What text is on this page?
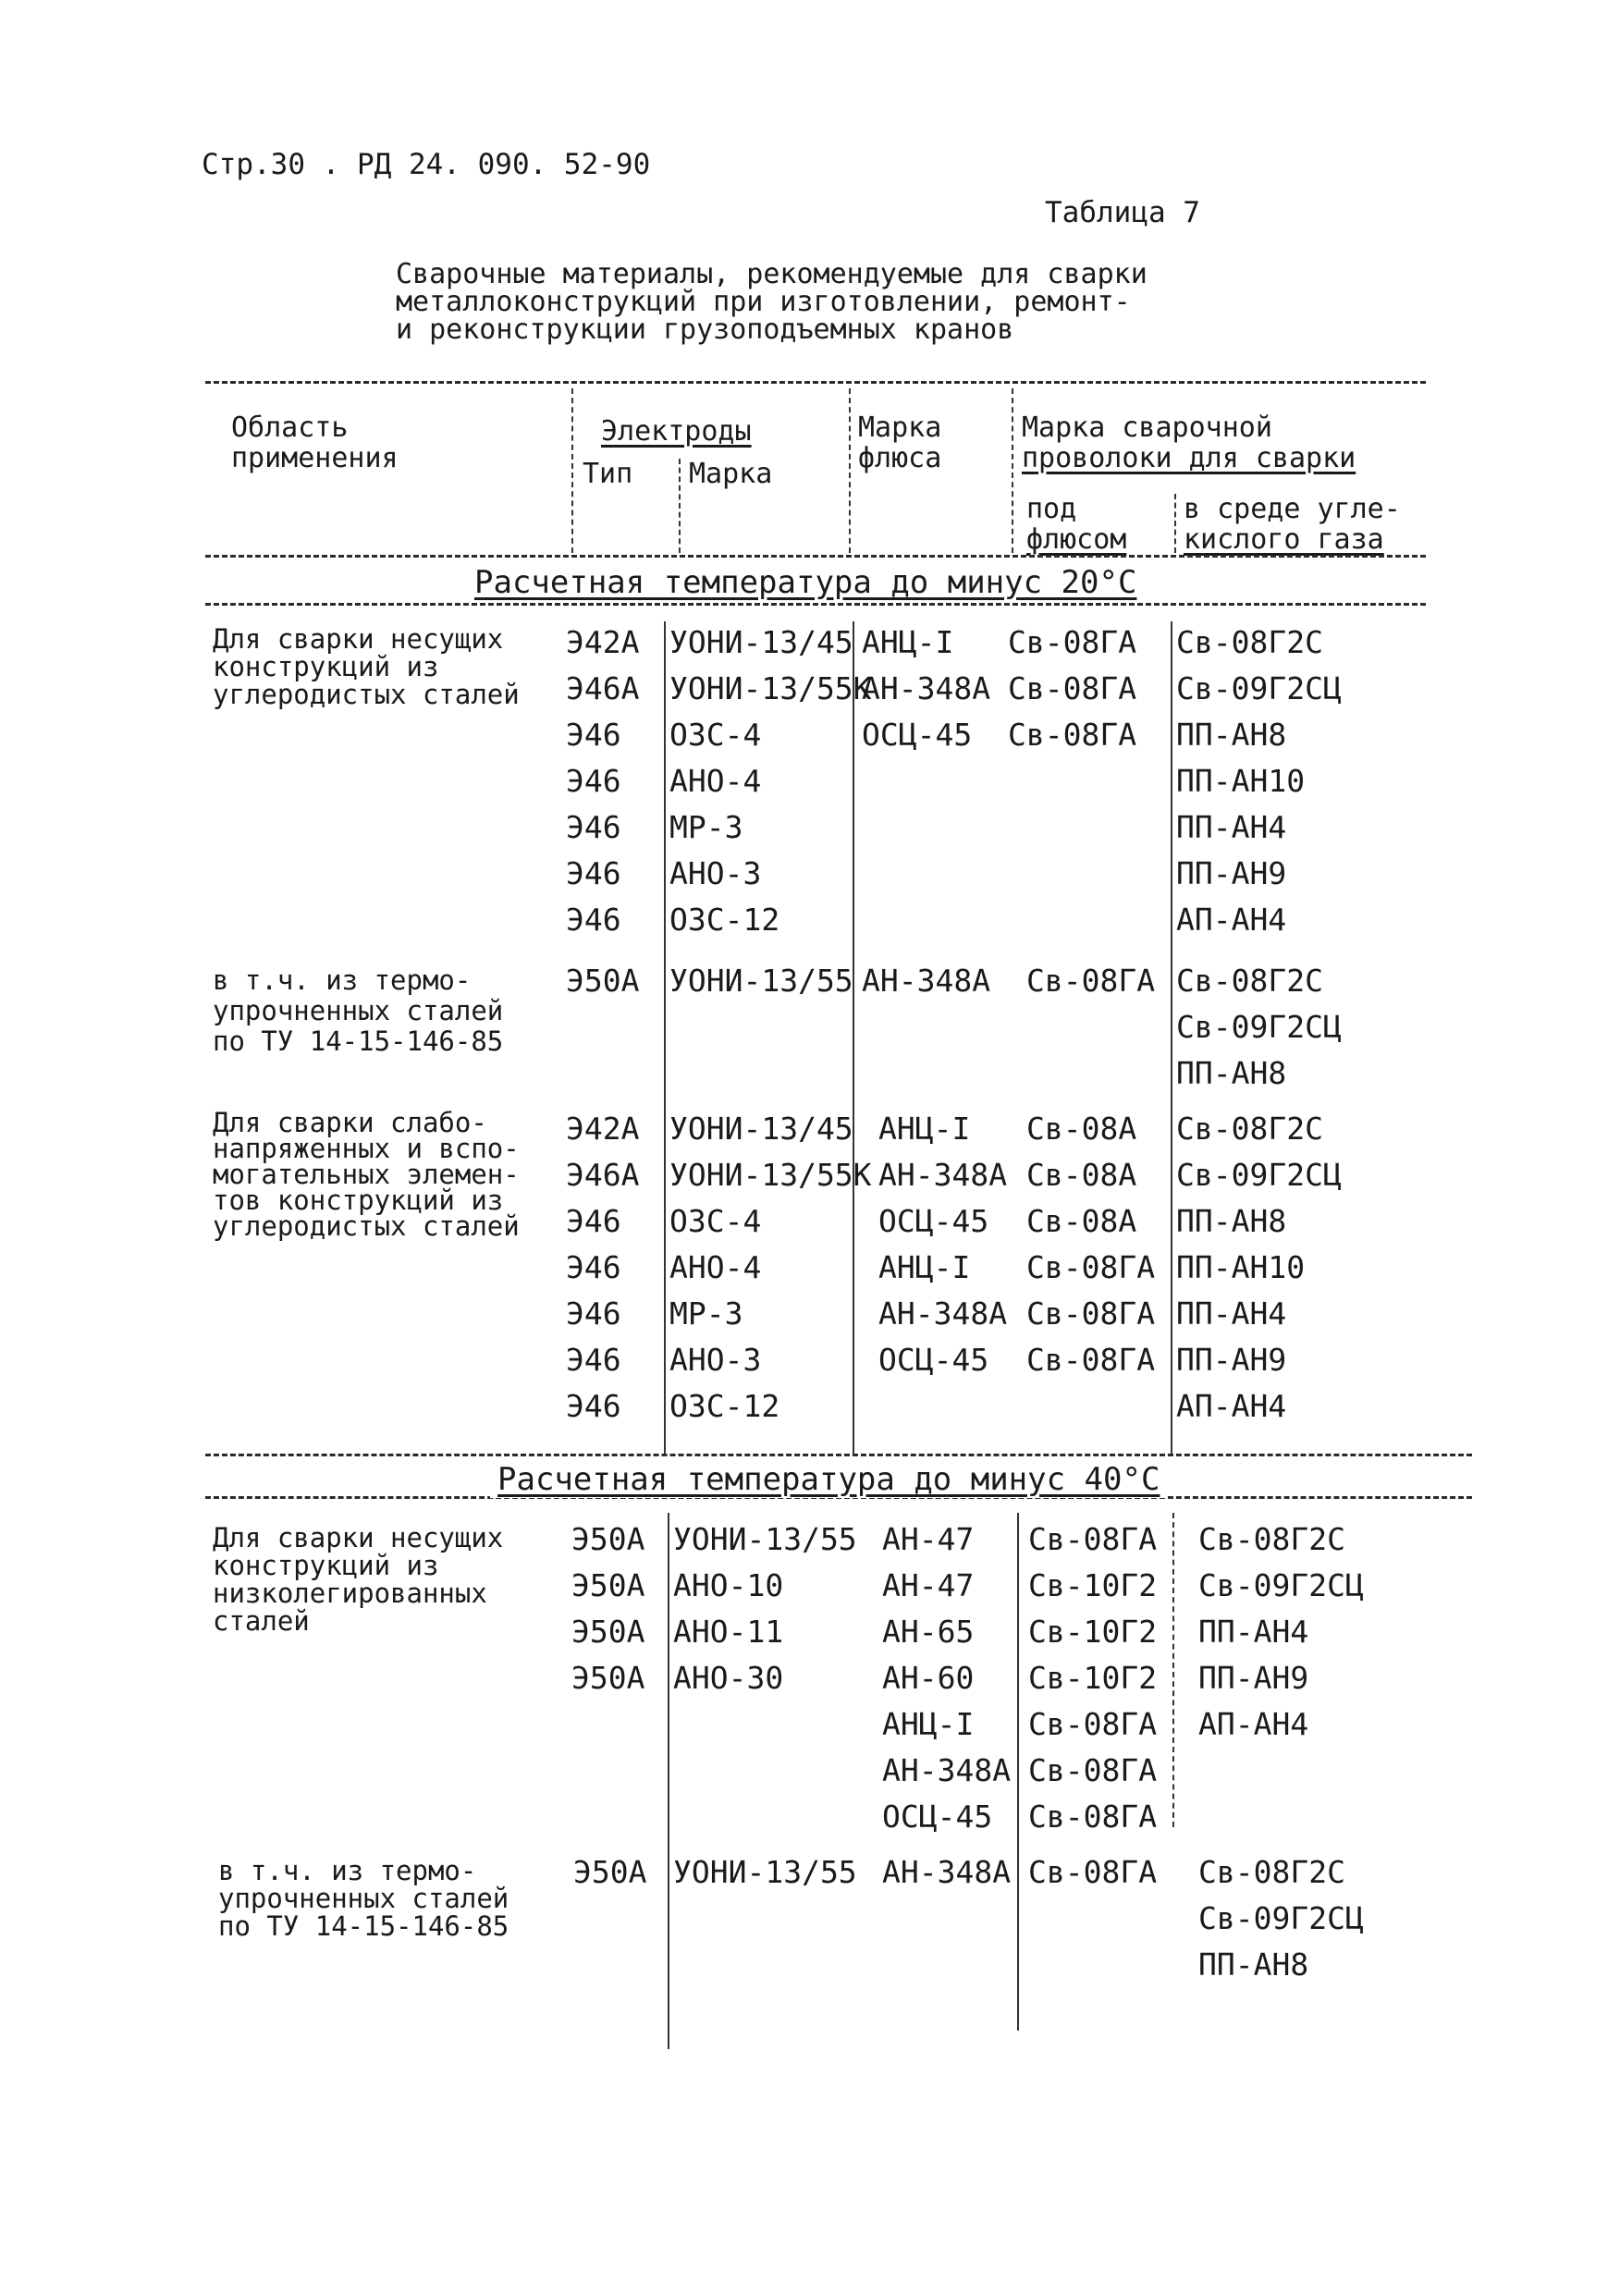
Стр.30 . РД 24. 090. 52-90
Таблица 7
Сварочные материалы, рекомендуемые для сварки
металлоконструкций при изготовлении, ремонт-
и реконструкции грузоподъемных кранов
Область
применения
Электроды
Тип Марка
Марка
флюса
Марка сварочной
проволоки для сварки
под
флюсом
в среде угле-
кислого газа
Расчетная температура до минус 20°С
Для сварки несущих
конструкций из
углеродистых сталей
Э42А
Э46А
Э46
Э46
Э46
Э46
Э46
УОНИ-13/45
УОНИ-13/55К
ОЗС-4
АНО-4
МР-3
АНО-3
ОЗС-12
АНЦ-I
АН-348А
ОСЦ-45
Св-08ГА
Св-08ГА
Св-08ГА
Св-08Г2С
Св-09Г2СЦ
ПП-АН8
ПП-АН10
ПП-АН4
ПП-АН9
АП-АН4
в т.ч. из термо-
упрочненных сталей
по ТУ 14-15-146-85
Э50А УОНИ-13/55 АН-348А Св-08ГА Св-08Г2С
Св-09Г2СЦ
ПП-АН8
Для сварки слабо-
напряженных и вспо-
могательных элемен-
тов конструкций из
углеродистых сталей
Э42А
Э46А
Э46
Э46
Э46
Э46
Э46
УОНИ-13/45
УОНИ-13/55К
ОЗС-4
АНО-4
МР-3
АНО-3
ОЗС-12
АНЦ-I
АН-348А
ОСЦ-45
АНЦ-I
АН-348А
ОСЦ-45
Св-08А
Св-08А
Св-08А
Св-08ГА
Св-08ГА
Св-08ГА
Св-08Г2С
Св-09Г2СЦ
ПП-АН8
ПП-АН10
ПП-АН4
ПП-АН9
АП-АН4
Расчетная температура до минус 40°С
Для сварки несущих
конструкций из
низколегированных
сталей
Э50А
Э50А
Э50А
Э50А
УОНИ-13/55
АНО-10
АНО-11
АНО-30
АН-47
АН-47
АН-65
АН-60
АНЦ-I
АН-348А
ОСЦ-45
Св-08ГА
Св-10Г2
Св-10Г2
Св-10Г2
Св-08ГА
Св-08ГА
Св-08ГА
Св-08Г2С
Св-09Г2СЦ
ПП-АН4
ПП-АН9
АП-АН4
в т.ч. из термо-
упрочненных сталей
по ТУ 14-15-146-85
Э50А УОНИ-13/55 АН-348А Св-08ГА Св-08Г2С
Св-09Г2СЦ
ПП-АН8
